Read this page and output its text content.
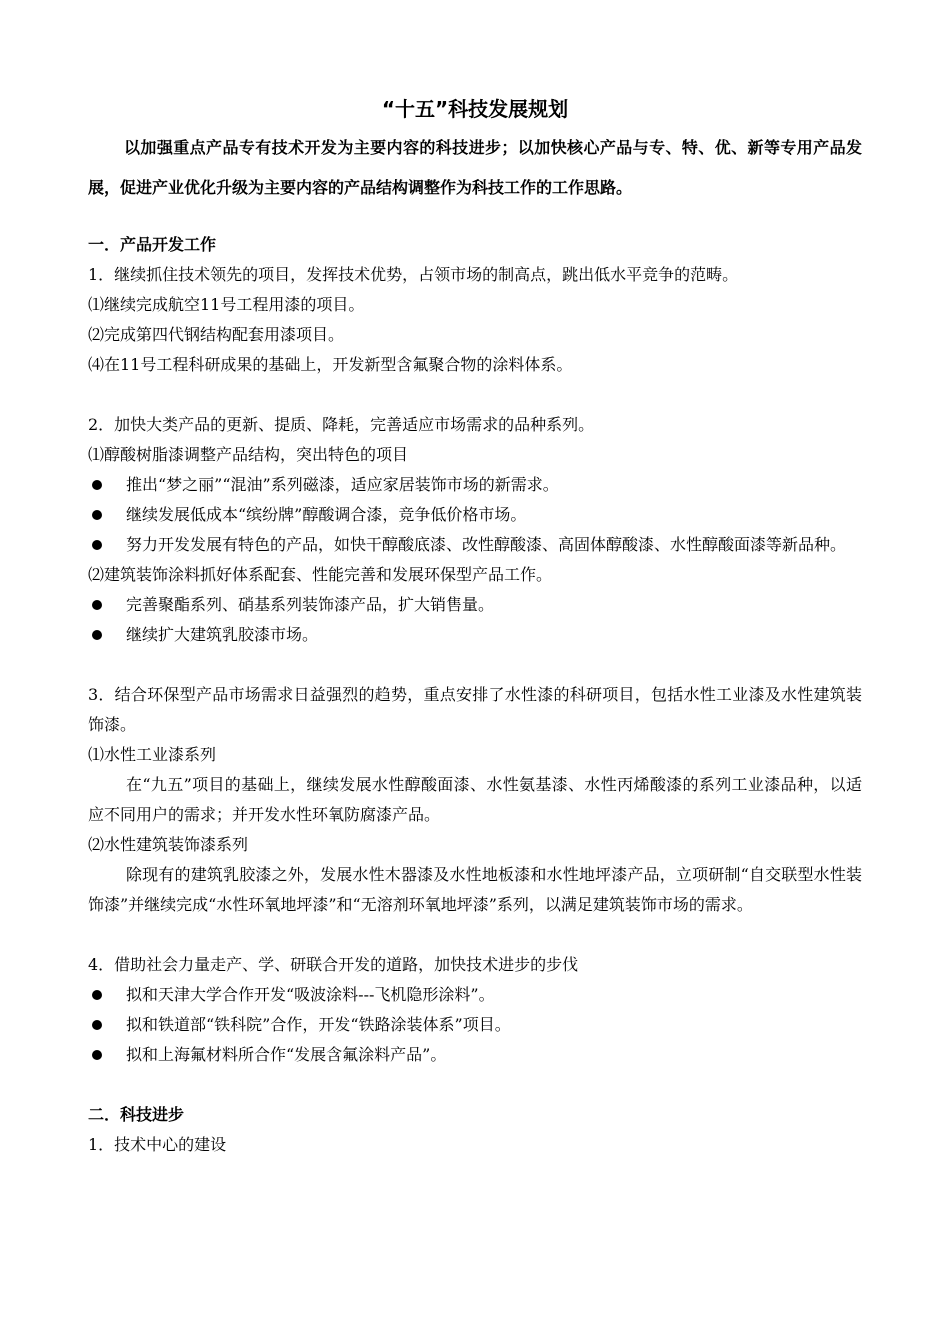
“十五”科技发展规划
以加强重点产品专有技术开发为主要内容的科技进步；以加快核心产品与专、特、优、新等专用产品发展，促进产业优化升级为主要内容的产品结构调整作为科技工作的工作思路。

一．产品开发工作

1．继续抓住技术领先的项目，发挥技术优势，占领市场的制高点，跳出低水平竞争的范畴。

⑴继续完成航空11号工程用漆的项目。

⑵完成第四代钢结构配套用漆项目。

⑷在11号工程科研成果的基础上，开发新型含氟聚合物的涂料体系。

2．加快大类产品的更新、提质、降耗，完善适应市场需求的品种系列。

⑴醇酸树脂漆调整产品结构，突出特色的项目

推出“梦之丽”“混油”系列磁漆，适应家居装饰市场的新需求。

继续发展低成本“缤纷牌”醇酸调合漆，竞争低价格市场。

努力开发发展有特色的产品，如快干醇酸底漆、改性醇酸漆、高固体醇酸漆、水性醇酸面漆等新品种。

⑵建筑装饰涂料抓好体系配套、性能完善和发展环保型产品工作。

完善聚酯系列、硝基系列装饰漆产品，扩大销售量。

继续扩大建筑乳胶漆市场。

3．结合环保型产品市场需求日益强烈的趋势，重点安排了水性漆的科研项目，包括水性工业漆及水性建筑装饰漆。

⑴水性工业漆系列

在“九五”项目的基础上，继续发展水性醇酸面漆、水性氨基漆、水性丙烯酸漆的系列工业漆品种，以适应不同用户的需求；并开发水性环氧防腐漆产品。

⑵水性建筑装饰漆系列

除现有的建筑乳胶漆之外，发展水性木器漆及水性地板漆和水性地坪漆产品，立项研制“自交联型水性装饰漆”并继续完成“水性环氧地坪漆”和“无溶剂环氧地坪漆”系列，以满足建筑装饰市场的需求。

4．借助社会力量走产、学、研联合开发的道路，加快技术进步的步伐

拟和天津大学合作开发“吸波涂料---飞机隐形涂料”。

拟和铁道部“铁科院”合作，开发“铁路涂装体系”项目。

拟和上海氟材料所合作“发展含氟涂料产品”。

二．科技进步

1．技术中心的建设
